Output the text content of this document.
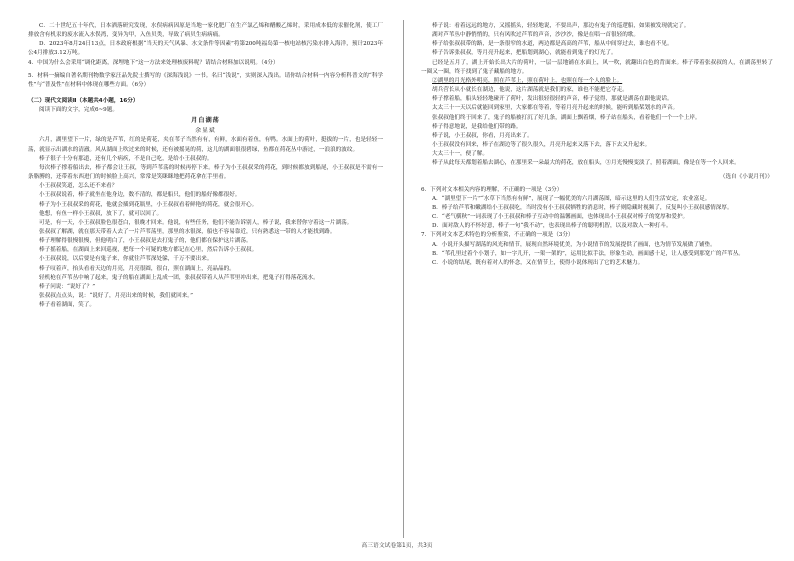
C．二十世纪五十年代，日本洒落研究发现，水俣病病因原是当地一家化肥厂在生产氯乙烯和醋酸乙烯时，采用成本低的汞催化剂，使工厂排放含有机汞的废水流入水俣湾，变异为甲，入鱼贝类，导致了病贝生病病痛。

D．2023年8月24日13点，日本政府根据“当天的天气风暴、水文条件等因素”将第200吨福岛第一核电站核污染水排入海洋，预计2023年公4月排放3.12万吨。

4．中国为什么会采用“调化距离，深埋地下”这一方法来处理核废料呢？请结合材料加以说明。（4分）

5．材料一摘编自著名期刊物数学家汪品先院士撰写的《深海浅说》一书。名曰“浅说”，实则深入浅出。请你结合材料一内容分析科普文的“科学性”与“普及性”在材料中体现在哪些方面。（6分）

（二）现代文阅读Ⅱ（本题共4小题，16分）

阅读下面的文字，完成6~9题。

月白湖荡

余显斌

六月，湖里望下一片，绿的是芦苇，红的是荷花，夹在苇子当然有有，有鲜，水面有着鱼，有鸭。水面上的荷叶，挺拔的一片，也是轻轻一荡，就显示出湖水的清澈。风从湖面上吹过来的时候，还有被摇晃的荷，这儿的湖面很很碧绿，鱼都在荷花丛中游过，一浪浪的波纹。

棒子很子十分有那道，还有几个病疾，不是自己吃，是给小王叔叔的。

每次棒子撑着船出去，棒子都会让王叔，等到芦苇荡的时候再停下来。棒子为小王叔叔采的荷花，到时候都放到船尾，小王叔叔是不需有一条胳膊的，还带着东西进门的时候脸上高兴，常常是笑眯眯地把荷花拿在手里看。

小王叔叔笑道，怎么还不来看？

小王叔叔说着，棒子就坐在他身边，数不清的，都是船只，他们的船好像都很好。

棒子为小王叔叔采的荷花，他就会插到花瓶里，小王叔叔看着鲜艳的荷花，就会很开心。

他想，有鱼一样小王叔叔，放下了，就可以回了。

可是，有一天，小王叔叔脸色很苍白，很晚才回来。他说，有些任务，他们不能告诉别人，棒子说，我来替你守着这一片湖荡。

张叔叔了解湖，就在那天带着人去了一片芦苇荡里，那里的水很深，船也不容易靠近，只有熟悉这一带的人才能找到路。

棒子理解得很慢很慢，但他明白了，小王叔叔是去打鬼子的，他们都在保护这片湖荡。

棒子摇着船，在湖面上来回巡视，把每一个可疑的地方都记在心里，然后告诉小王叔叔。

小王叔叔说，以后要是有鬼子来，你就往芦苇深处躲，千万不要出来。

棒子叹着声，抬头看看天边的月亮，月亮很圆，很白，照在湖面上，亮晶晶的。

轻机枪在芦苇丛中响了起来，鬼子的船在湖面上乱成一团，张叔叔带着人从芦苇里冲出来，把鬼子打得落花流水。

棒子问说：“说好了？”

张叔叔点点头，说：“说好了，月亮出来的时候，我们就回来。”

棒子看着湖面，笑了。

棒子说：看着远远的地方，又摇摇头，轻轻地说，不要出声，那边有鬼子的巡逻船，如果被发现就完了。

湖对芦苇丛中静悄悄的，只有风吹过芦苇的声音，沙沙沙，像是在唱一首很轻的歌。

棒子给张叔叔带的路，是一条很窄的水道，两边都是高高的芦苇，船从中间穿过去，谁也看不见。

棒子告诉张叔叔，等月亮升起来，把船划到湖心，就能看到鬼子的灯光了。

已经是五月了，湖上开始长出大片的荷叶，一层一层地铺在水面上，风一吹，就翻出白色的背面来。棒子带着张叔叔的人，在湖荡里转了一圈又一圈，终于找到了鬼子藏船的地方。

②湖里的月光格外明亮，照在芦苇上，照在荷叶上，也照在每一个人的脸上。

胡兵营长从小就长在湖边，他说，这片湖荡就是我们的家，谁也不能把它夺走。

棒子撑着船，船头轻轻地碰开了荷叶，发出很轻很轻的声音，棒子觉得，那就是湖荡在跟他说话。

太太三十一天以后就能回到家里，大家都在等着，等着月亮升起来的时候，能听到船桨划水的声音。

张叔叔他们终于回来了，鬼子的船被打沉了好几条，湖面上飘着烟，棒子站在船头，看着他们一个一个上岸。

棒子得意地说，是我给他们带的路。

棒子说，小王叔叔，你看，月亮出来了。

小王叔叔没有回来，棒子在湖边等了很久很久，月亮升起来又落下去，落下去又升起来。

大太三十一，便了解。

棒子从此每天都划着船去湖心，在那里采一朵最大的荷花，放在船头，③月光慢慢变淡了，照着湖面，像是在等一个人回来。

（选自《小说月刊》）

6．下列对文本相关内容的理解，不正确的一项是（3分）

A．“湖里望下一片”“水草下当然有有鲜”，展现了一幅优美的六月湖荡图，暗示这里的人们生活安定，农业富足。

B．棒子给芦苇和嫩湖给小王叔叔吃，当时没有小王叔叔牺牲的消息时，棒子则隐藏时视频了，反复叫小王叔叔感情深厚。

C．“老气横秋”一词表现了小王叔叔和棒子互动中的温馨画面，也体现出小王叔叔对棒子的宽厚和爱护。

D．面对敌人的不怀好意，棒子一句“我不动”，也表现出棒子的聪明机智，以及对敌人一种打斗。

7．下列对文本艺术特色的分析鉴赏，不正确的一项是（3分）

A．小说开头描写湖荡的风光和情节，展现自然环境优美，为小说情节的发展提供了画面，也为情节发展做了铺垫。

B．“苇孔里过着个小划子，如一字儿开，一架一架的”，运用比拟手法，形象生动，画面感十足，让人感受到那宽广的芦苇丛。

C．小说的结尾，既有着对人的怀念，又在情节上，使得小说体现出了它的艺术魅力。

高三语文试卷第1页，共3页
